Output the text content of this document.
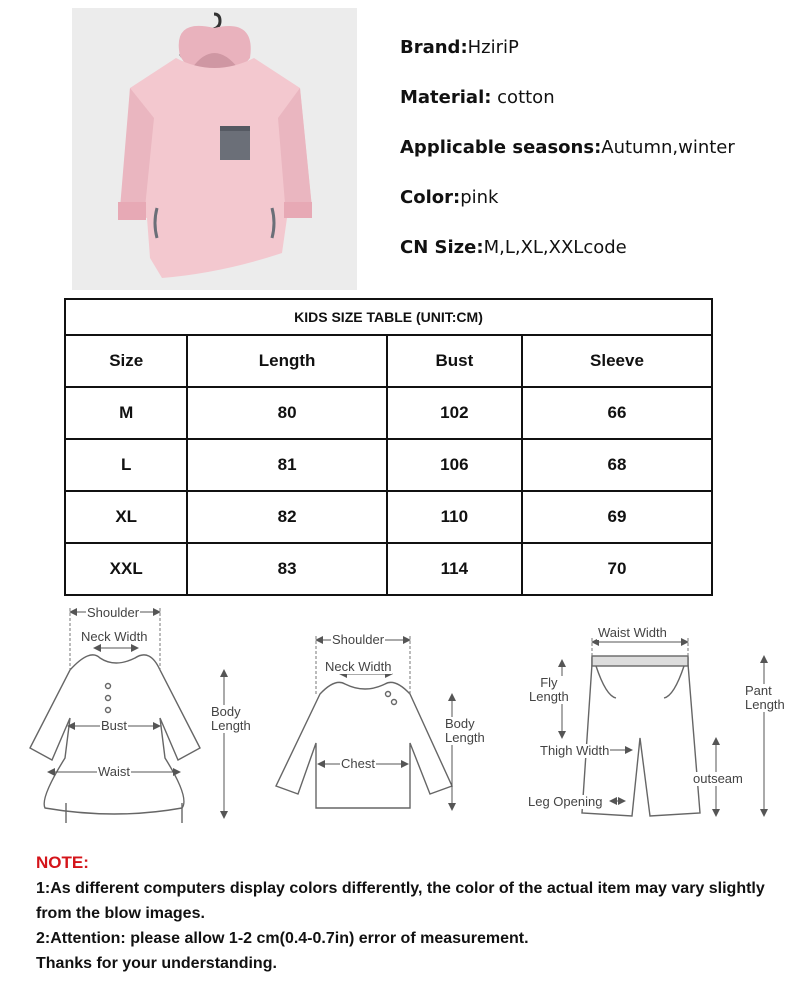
Brand:HziriP
Material: cotton
Applicable seasons:Autumn,winter
Color:pink
CN Size:M,L,XL,XXLcode
KIDS SIZE TABLE (UNIT:CM)			
Size	Length	Bust	Sleeve
M	80	102	66
L	81	106	68
XL	82	110	69
XXL	83	114	70
Shoulder
Neck Width
Bust
Waist
Body
Length
Shoulder
Neck Width
Chest
Body
Length
Waist Width
Fly
Length	Pant
Length
Thigh Width
outseam
Leg Opening
NOTE:
1:As different computers display colors differently, the color of the actual item may vary slightly from the blow images.
2:Attention: please allow 1-2 cm(0.4-0.7in) error of measurement.
Thanks for your understanding.
